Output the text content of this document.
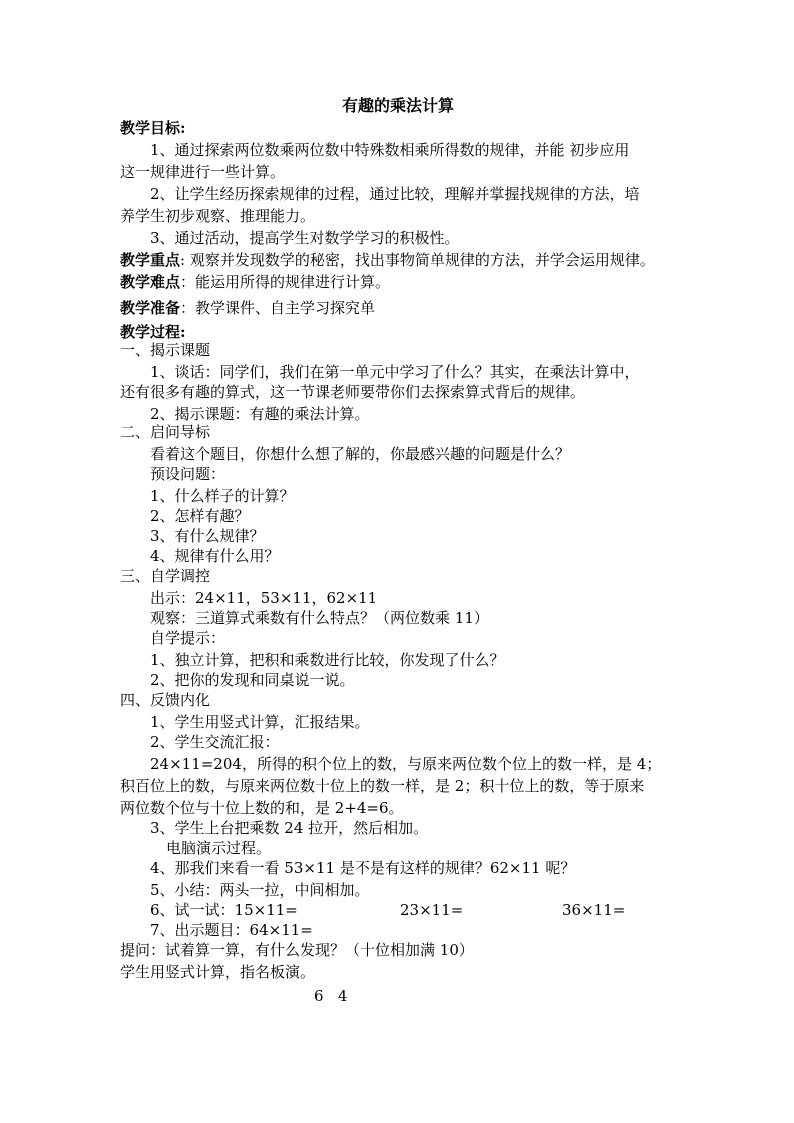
有趣的乘法计算
教学目标:
1、通过探索两位数乘两位数中特殊数相乘所得数的规律，并能 初步应用
这一规律进行一些计算。
2、让学生经历探索规律的过程，通过比较，理解并掌握找规律的方法，培
养学生初步观察、推理能力。
3、通过活动，提高学生对数学学习的积极性。
教学重点: 观察并发现数学的秘密，找出事物简单规律的方法，并学会运用规律。
教学难点：能运用所得的规律进行计算。
教学准备：教学课件、自主学习探究单
教学过程:
一、揭示课题
1、谈话：同学们，我们在第一单元中学习了什么？其实，在乘法计算中，
还有很多有趣的算式，这一节课老师要带你们去探索算式背后的规律。
2、揭示课题：有趣的乘法计算。
二、启问导标
看着这个题目，你想什么想了解的，你最感兴趣的问题是什么？
预设问题：
1、什么样子的计算？
2、怎样有趣？
3、有什么规律？
4、规律有什么用？
三、自学调控
出示：24×11，53×11，62×11
观察：三道算式乘数有什么特点？（两位数乘 11）
自学提示：
1、独立计算，把积和乘数进行比较，你发现了什么？
2、把你的发现和同桌说一说。
四、反馈内化
1、学生用竖式计算，汇报结果。
2、学生交流汇报：
24×11=204，所得的积个位上的数，与原来两位数个位上的数一样，是 4；
积百位上的数，与原来两位数十位上的数一样，是 2；积十位上的数，等于原来
两位数个位与十位上数的和，是 2+4=6。
3、学生上台把乘数 24 拉开，然后相加。
电脑演示过程。
4、那我们来看一看 53×11 是不是有这样的规律？62×11 呢？
5、小结：两头一拉，中间相加。
6、试一试：15×11=	23×11=	36×11=
7、出示题目：64×11=
提问：试着算一算，有什么发现？（十位相加满 10）
学生用竖式计算，指名板演。
6   4
